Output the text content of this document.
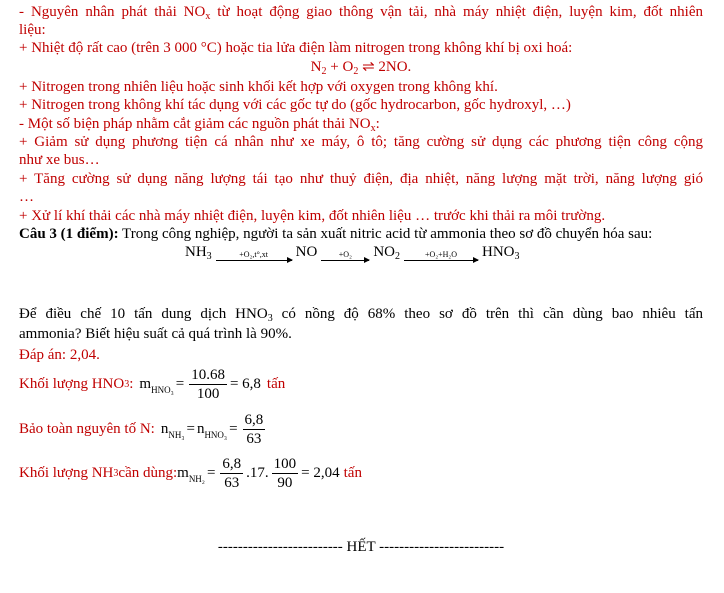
- Nguyên nhân phát thải $NO_x$ từ hoạt động giao thông vận tải, nhà máy nhiệt điện, luyện kim, đốt nhiên
liệu:
+ Nhiệt độ rất cao (trên 3 000 °C) hoặc tia lửa điện làm nitrogen trong không khí bị oxi hoá:
$N_2 + O_2$ ⇌ 2NO.
+ Nitrogen trong nhiên liệu hoặc sinh khối kết hợp với oxygen trong không khí.
+ Nitrogen trong không khí tác dụng với các gốc tự do (gốc hydrocarbon, gốc hydroxyl, …)
- Một số biện pháp nhằm cắt giảm các nguồn phát thải $NO_x$:
+ Giảm sử dụng phương tiện cá nhân như xe máy, ô tô; tăng cường sử dụng các phương tiện công cộng
như xe bus…
+ Tăng cường sử dụng năng lượng tái tạo như thuỷ điện, địa nhiệt, năng lượng mặt trời, năng lượng gió
…
+ Xử lí khí thải các nhà máy nhiệt điện, luyện kim, đốt nhiên liệu … trước khi thải ra môi trường.
Câu 3 (1 điểm): Trong công nghiệp, người ta sản xuất nitric acid từ ammonia theo sơ đồ chuyển hóa sau:
$NH_3$	+O₂,t°,xt	NO	+O₂	$NO_2$	+O₂+H₂O	$HNO_3$
Để điều chế 10 tấn dung dịch $HNO_3$ có nồng độ 68% theo sơ đồ trên thì cần dùng bao nhiêu tấn
ammonia? Biết hiệu suất cả quá trình là 90%.
Đáp án: 2,04.
Khối lượng HNO 3 : m $HNO_3 = \frac{10.68}{100} = 6,8$ tấn
Bảo toàn nguyên tố N: n NH₃ = n $HNO_3 = \frac{6,8}{63}$
Khối lượng NH 3 cần dùng: m $NH_2 = \frac{6,8}{63} .17$. $\frac{100}{90} = 2,04$ tấn
------------------------- HẾT -------------------------
